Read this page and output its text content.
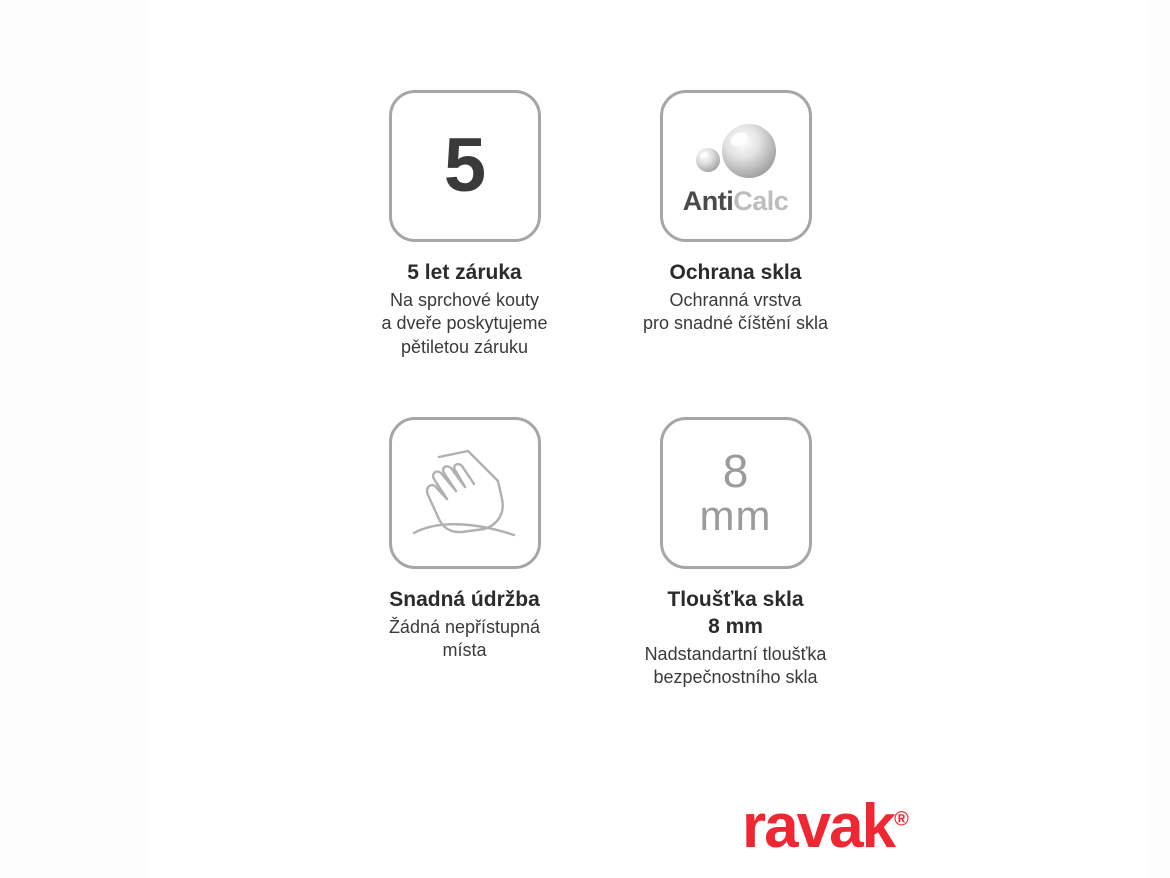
5
5 let záruka
Na sprchové kouty
a dveře poskytujeme
pětiletou záruku
AntiCalc
Ochrana skla
Ochranná vrstva
pro snadné číštění skla
Snadná údržba
Žádná nepřístupná
místa
8
mm
Tloušťka skla
8 mm
Nadstandartní tloušťka
bezpečnostního skla
ravak®
